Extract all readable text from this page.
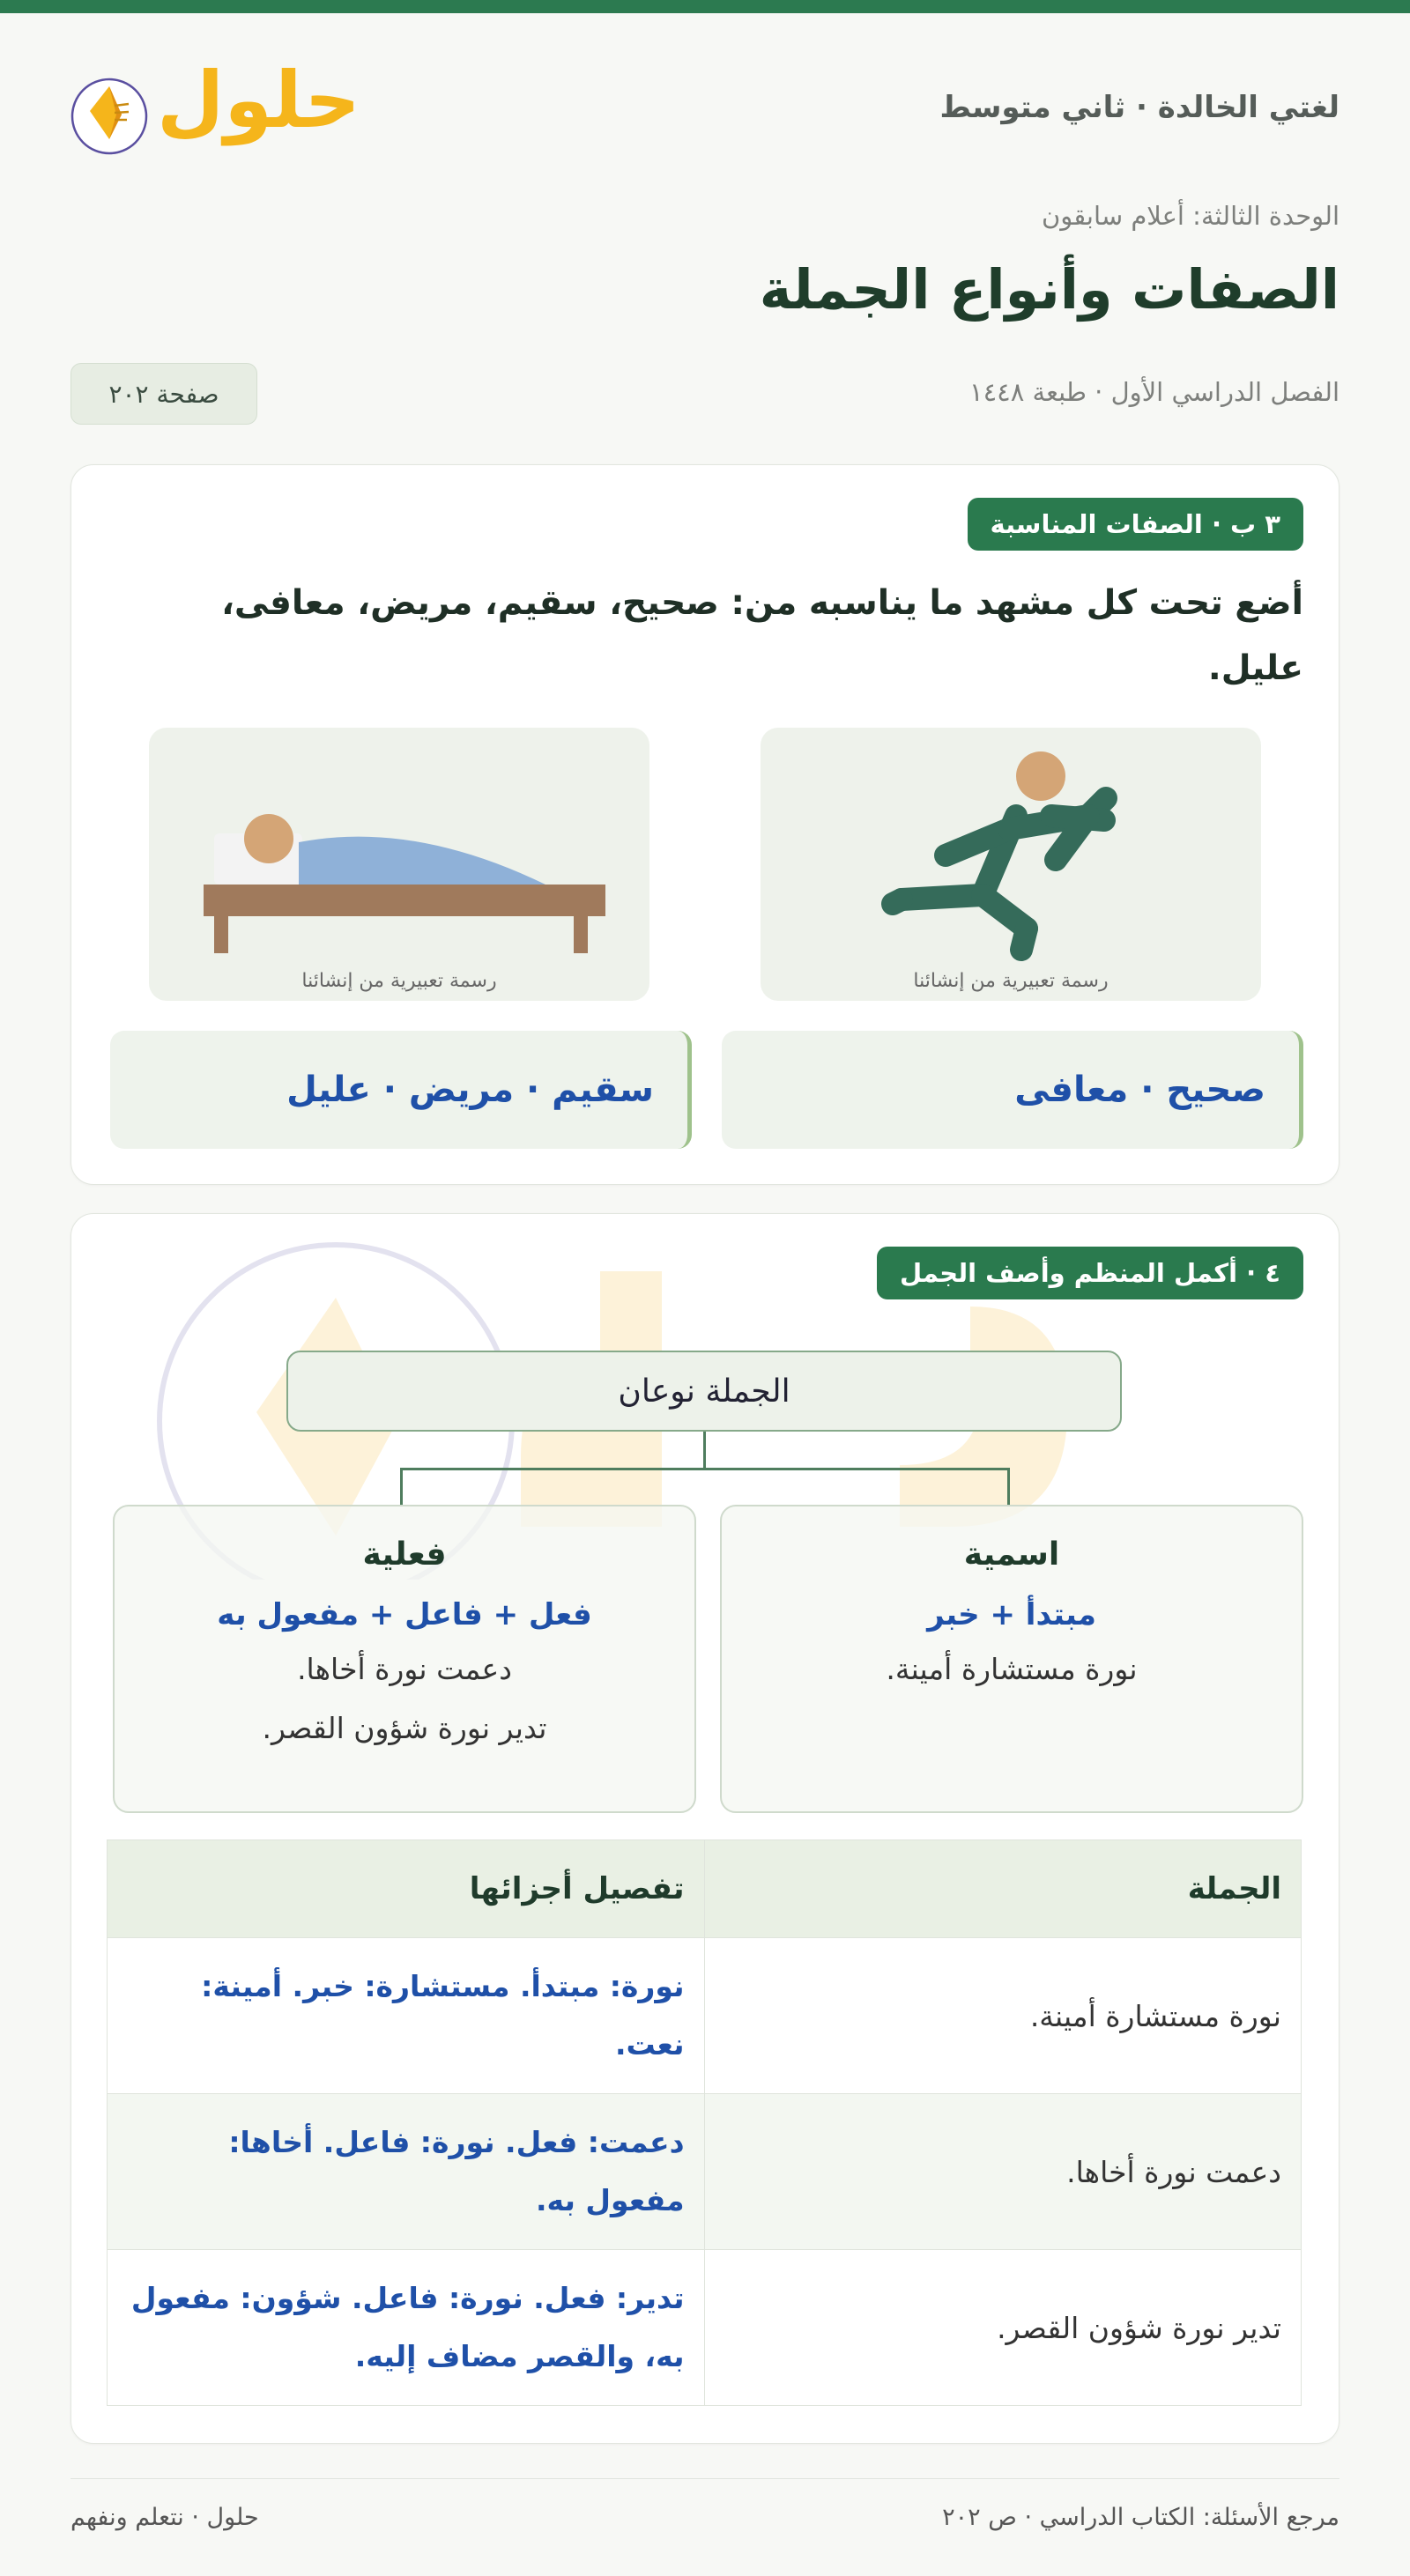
لغتي الخالدة · ثاني متوسط
حلول
الوحدة الثالثة: أعلام سابقون
الصفات وأنواع الجملة
الفصل الدراسي الأول · طبعة ١٤٤٨
صفحة ٢٠٢
٣ ب · الصفات المناسبة
أضع تحت كل مشهد ما يناسبه من: صحيح، سقيم، مريض، معافى، عليل.
رسمة تعبيرية من إنشائنا
رسمة تعبيرية من إنشائنا
صحيح · معافى
سقيم · مريض · عليل
٤ · أكمل المنظم وأصف الجمل
الجملة نوعان
اسمية
مبتدأ + خبر
نورة مستشارة أمينة.
فعلية
فعل + فاعل + مفعول به
دعمت نورة أخاها.
تدير نورة شؤون القصر.
الجملة	تفصيل أجزائها
نورة مستشارة أمينة.	نورة: مبتدأ. مستشارة: خبر. أمينة: نعت.
دعمت نورة أخاها.	دعمت: فعل. نورة: فاعل. أخاها: مفعول به.
تدير نورة شؤون القصر.	تدير: فعل. نورة: فاعل. شؤون: مفعول به، والقصر مضاف إليه.
مرجع الأسئلة: الكتاب الدراسي · ص ٢٠٢
حلول · نتعلم ونفهم
